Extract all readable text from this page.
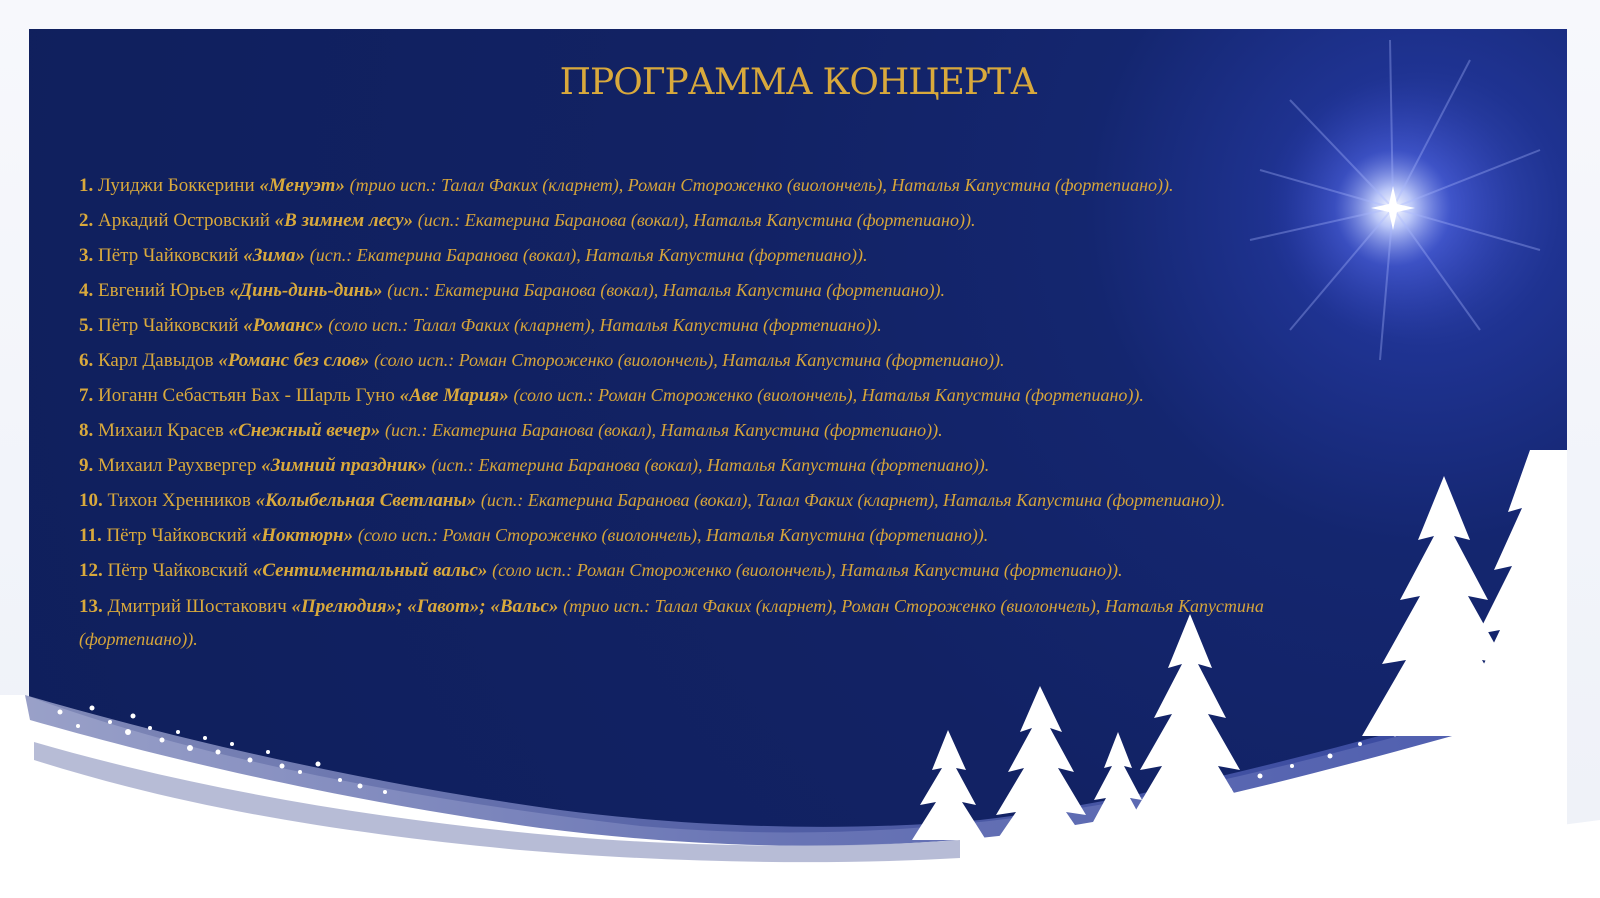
ПРОГРАММА КОНЦЕРТА
1. Луиджи Боккерини «Менуэт» (трио исп.: Талал Факих (кларнет), Роман Стороженко (виолончель), Наталья Капустина (фортепиано)).
2. Аркадий Островский «В зимнем лесу» (исп.: Екатерина Баранова (вокал), Наталья Капустина (фортепиано)).
3. Пётр Чайковский «Зима» (исп.: Екатерина Баранова (вокал), Наталья Капустина (фортепиано)).
4. Евгений Юрьев «Динь-динь-динь» (исп.: Екатерина Баранова (вокал), Наталья Капустина (фортепиано)).
5. Пётр Чайковский «Романс» (соло исп.: Талал Факих (кларнет), Наталья Капустина (фортепиано)).
6. Карл Давыдов «Романс без слов» (соло исп.: Роман Стороженко (виолончель), Наталья Капустина (фортепиано)).
7. Иоганн Себастьян Бах - Шарль Гуно «Аве Мария» (соло исп.: Роман Стороженко (виолончель), Наталья Капустина (фортепиано)).
8. Михаил Красев «Снежный вечер» (исп.: Екатерина Баранова (вокал), Наталья Капустина (фортепиано)).
9. Михаил Раухвергер «Зимний праздник» (исп.: Екатерина Баранова (вокал), Наталья Капустина (фортепиано)).
10. Тихон Хренников «Колыбельная Светланы» (исп.: Екатерина Баранова (вокал), Талал Факих (кларнет), Наталья Капустина (фортепиано)).
11. Пётр Чайковский «Ноктюрн» (соло исп.: Роман Стороженко (виолончель), Наталья Капустина (фортепиано)).
12. Пётр Чайковский «Сентиментальный вальс» (соло исп.: Роман Стороженко (виолончель), Наталья Капустина (фортепиано)).
13. Дмитрий Шостакович «Прелюдия»; «Гавот»; «Вальс» (трио исп.: Талал Факих (кларнет), Роман Стороженко (виолончель), Наталья Капустина (фортепиано)).
